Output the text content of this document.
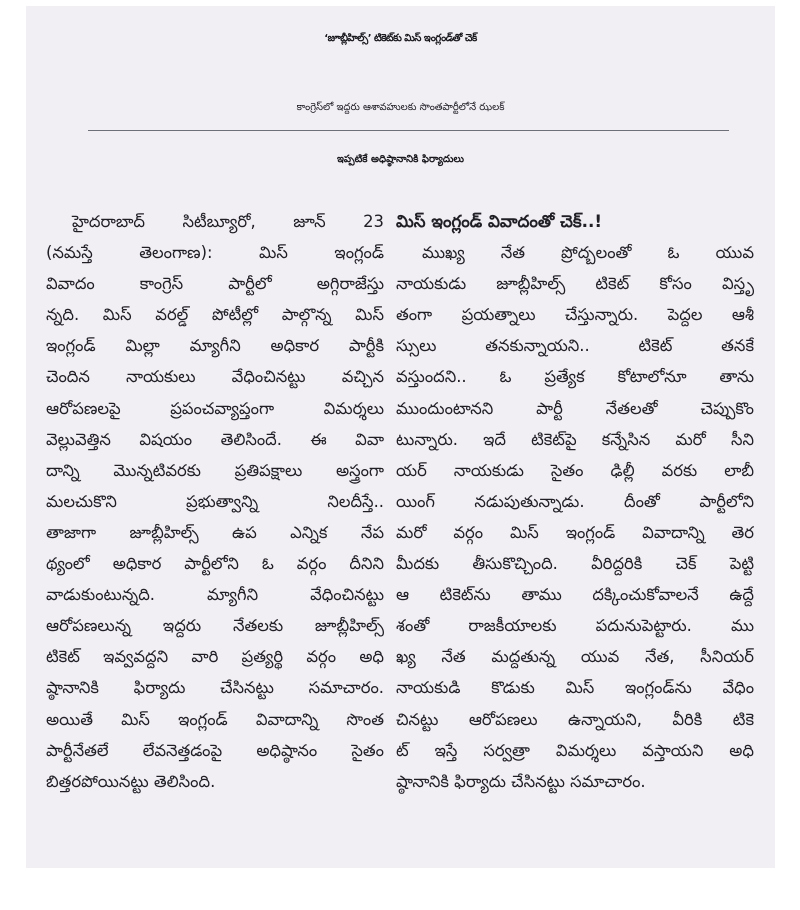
‘జూబ్లీహిల్స్’ టికెట్‌కు మిస్ ఇంగ్లండ్‌తో చెక్
కాంగ్రెస్‌లో ఇద్దరు ఆశావహులకు సొంతపార్టీలోనే ఝలక్
ఇప్పటికే అధిష్ఠానానికి ఫిర్యాదులు
హైదరాబాద్ సిటీబ్యూరో, జూన్ 23
(నమస్తే తెలంగాణ): మిస్ ఇంగ్లండ్
వివాదం కాంగ్రెస్ పార్టీలో అగ్గిరాజేస్తు
న్నది. మిస్ వరల్డ్ పోటీల్లో పాల్గొన్న మిస్
ఇంగ్లండ్ మిల్లా మ్యాగీని అధికార పార్టీకి
చెందిన నాయకులు వేధించినట్టు వచ్చిన
ఆరోపణలపై ప్రపంచవ్యాప్తంగా విమర్శలు
వెల్లువెత్తిన విషయం తెలిసిందే. ఈ వివా
దాన్ని మొన్నటివరకు ప్రతిపక్షాలు అస్త్రంగా
మలచుకొని ప్రభుత్వాన్ని నిలదీస్తే..
తాజాగా జూబ్లీహిల్స్ ఉప ఎన్నిక నేప
థ్యంలో అధికార పార్టీలోని ఓ వర్గం దీనిని
వాడుకుంటున్నది. మ్యాగీని వేధించినట్టు
ఆరోపణలున్న ఇద్దరు నేతలకు జూబ్లీహిల్స్
టికెట్ ఇవ్వవద్దని వారి ప్రత్యర్థి వర్గం అధి
ష్ఠానానికి ఫిర్యాదు చేసినట్టు సమాచారం.
అయితే మిస్ ఇంగ్లండ్ వివాదాన్ని సొంత
పార్టీనేతలే లేవనెత్తడంపై అధిష్ఠానం సైతం
బిత్తరపోయినట్టు తెలిసింది.
మిస్ ఇంగ్లండ్ వివాదంతో చెక్..!
ముఖ్య నేత ప్రోద్బలంతో ఓ యువ
నాయకుడు జూబ్లీహిల్స్ టికెట్ కోసం విస్తృ
తంగా ప్రయత్నాలు చేస్తున్నారు. పెద్దల ఆశీ
స్సులు తనకున్నాయని.. టికెట్ తనకే
వస్తుందని.. ఓ ప్రత్యేక కోటాలోనూ తాను
ముందుంటానని పార్టీ నేతలతో చెప్పుకొం
టున్నారు. ఇదే టికెట్‌పై కన్నేసిన మరో సీని
యర్ నాయకుడు సైతం ఢిల్లీ వరకు లాబీ
యింగ్ నడుపుతున్నాడు. దీంతో పార్టీలోని
మరో వర్గం మిస్ ఇంగ్లండ్ వివాదాన్ని తెర
మీదకు తీసుకొచ్చింది. వీరిద్దరికి చెక్ పెట్టి
ఆ టికెట్‌ను తాము దక్కించుకోవాలనే ఉద్దే
శంతో రాజకీయాలకు పదునుపెట్టారు. ము
ఖ్య నేత మద్దతున్న యువ నేత, సీనియర్
నాయకుడి కొడుకు మిస్ ఇంగ్లండ్‌ను వేధిం
చినట్టు ఆరోపణలు ఉన్నాయని, వీరికి టికె
ట్ ఇస్తే సర్వత్రా విమర్శలు వస్తాయని అధి
ష్ఠానానికి ఫిర్యాదు చేసినట్టు సమాచారం.
